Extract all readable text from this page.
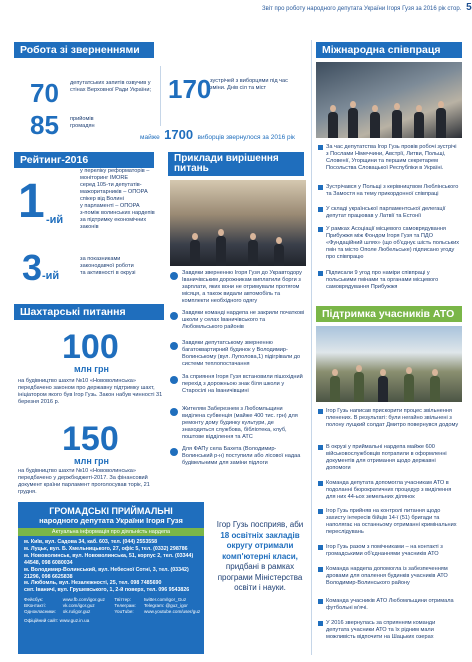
Звіт про роботу народного депутата України Ігоря Гузя за 2016 рік стор. 5
Робота зі зверненнями
70 депутатських запитів озвучив у стінах Верховної Ради України;
85 прийомів громадян
170
зустрічей з виборцями під час зміни. Днів сіл та міст
майже 1700 виборців звернулося за 2016 рік
Рейтинг-2016
1 -ий
у переліку реформаторів –
моніторинг IMORE
серед 105-ти депутатів-
мажоритарників – ОПОРА
спікер від Волині
у парламенті – ОПОРА
з-поміж волинських нардепів
за підтримку економічних
законів
3 -ий
за показниками
законодавчої роботи
та активності в окрузі
Шахтарські питання
100
млн грн
на будівництво шахти №10 «Нововолинська» передбачено законом про державну підтримку шахт, ініціатором якого був Ігор Гузь. Закон набув чинності 31 березня 2016 р.
150
млн грн
на будівництво шахти №10 «Нововолинська» передбачено у держбюджеті-2017. За фінансовий документ країни парламент проголосував торік, 21 грудня.
Приклади вирішення питань
Завдяки зверненню Ігоря Гузя до Укравтодору Іваничівським дорожникам виплатили борги з зарплати, яких вони не отримували протягом місяця, а також видали автомобіль та комплекти необхідного одягу
Завдяки командi нардепа не закрили початкові школи у селах Іваничівського та Любомльського районів
Завдяки депутатському зверненню багатоквартирний будинок у Володимир-Волинському (вул. Луполова,1) підігрівали до системи теплопостачання
За сприяння Ігоря Гузя встановили пішохідний перехід з дорожньою знак біля школи у Старосілі на Іваничівщині
Жителям Заберезнем з Любомльщини виділена субвенція (майже 400 тис. грн) для ремонту дому будинку культури, де знаходиться службова, бібліотека, клуб, поштове відділення та АТС
Для ФАПу села Бахета (Володимир-Волинський р-н) поступили або лісової надаа будівельними для заміни підлоги
ГРОМАДСЬКІ ПРИЙМАЛЬНІ
народного депутата України Ігоря Гузя
Актуальна інформація про діяльність нардепа
м. Київ, вул. Садова 34, каб. 603, тел. (044) 2553558
м. Луцьк, вул. Б. Хмельницького, 27, офіс 5, тел. (0332) 298786
м. Нововолинськ, вул. Нововолинська, 51, корпус 2, тел. (03344) 44548, 098 6080034
м. Володимир-Волинський, вул. Небесної Сотні, 3, тел. (03342) 21296, 098 6625838
м. Любомль, вул. Незалежності, 25, тел. 098 7485690
смт. Іваничі, вул. Грушевського, 1, 2-й поверх, тел. 096 9543826
Фейсбук:
ВКонтакті:
Однокласники:
www.fb.com/igor.guz
vk.com/igor.guz
ok.ru/igor.guz
Твіттер:
Телеграм:
YouTube:
twitter.com/Igor_Guz
Telegram: @guz_igor
www.youtube.com/user/guz
Офіційний сайт: www.guz.in.ua
Ігор Гузь посприяв, аби
18 освітніх закладів
округу отримали комп'ютерні класи,
придбані в рамках програми Міністерства освіти і науки.
Міжнародна співпраця
За час депутатства Ігор Гузь провів робочі зустрічі з Послами Німеччини, Австрії, Литви, Польщі, Словенії, Угорщини та першим секретарем Посольства Словацької Республіки в Україні.
Зустрічався у Польщі з керівництвом Люблінського та Замостя на тему прикордонної співпраці
У складі української парламентської делегації депутат працював у Латвії та Естонії
У рамках Асоціації місцевого самоврядування Прибужжя між Фондом Ігоря Гузя та ПДО «Фундаційний шлях» (що об'єднує шість польських гмін та місто Ополе Любельське) підписано угоду про співпрацю
Підписали 9 угод про наміри співпраці у польськими гмінами та органами місцевого самоврядування Прибужжя
Підтримка учасників АТО
Ігор Гузь написав прискорити процес звільнення пленених. В результаті: були негайно звільнені з полону лущкий солдат Дмитро повернувся додому
В окрузі у приймальні нардепа майже 600 військовослужбовців потрапили в оформленні документів для отримання щодо державні допомоги
Команда депутата допомогла учасникам АТО в подоланні бюрократичних процедур з виділення для них 44-ьох земельних ділянок
Ігор Гузь прийняв на контролі питання щодо захисту інтересів бійців 14-ї (51) бригади та наполягає на останньому отриманні кримінальних переслідувань
Ігор Гузь разом з помічниками – на контакті з громадськими об'єднаннями учасників АТО
Команда нардепа допомогла із забезпеченням дровами для опалення будинків учасників АТО Володимир-Волинського району
Команда учасників АТО Любомльщини отримала футбольні м'ячі.
У 2016 звернулась за сприянням команди депутата учасники АТО та їх рідним мали можливість відпочити на Шацьких озерах
